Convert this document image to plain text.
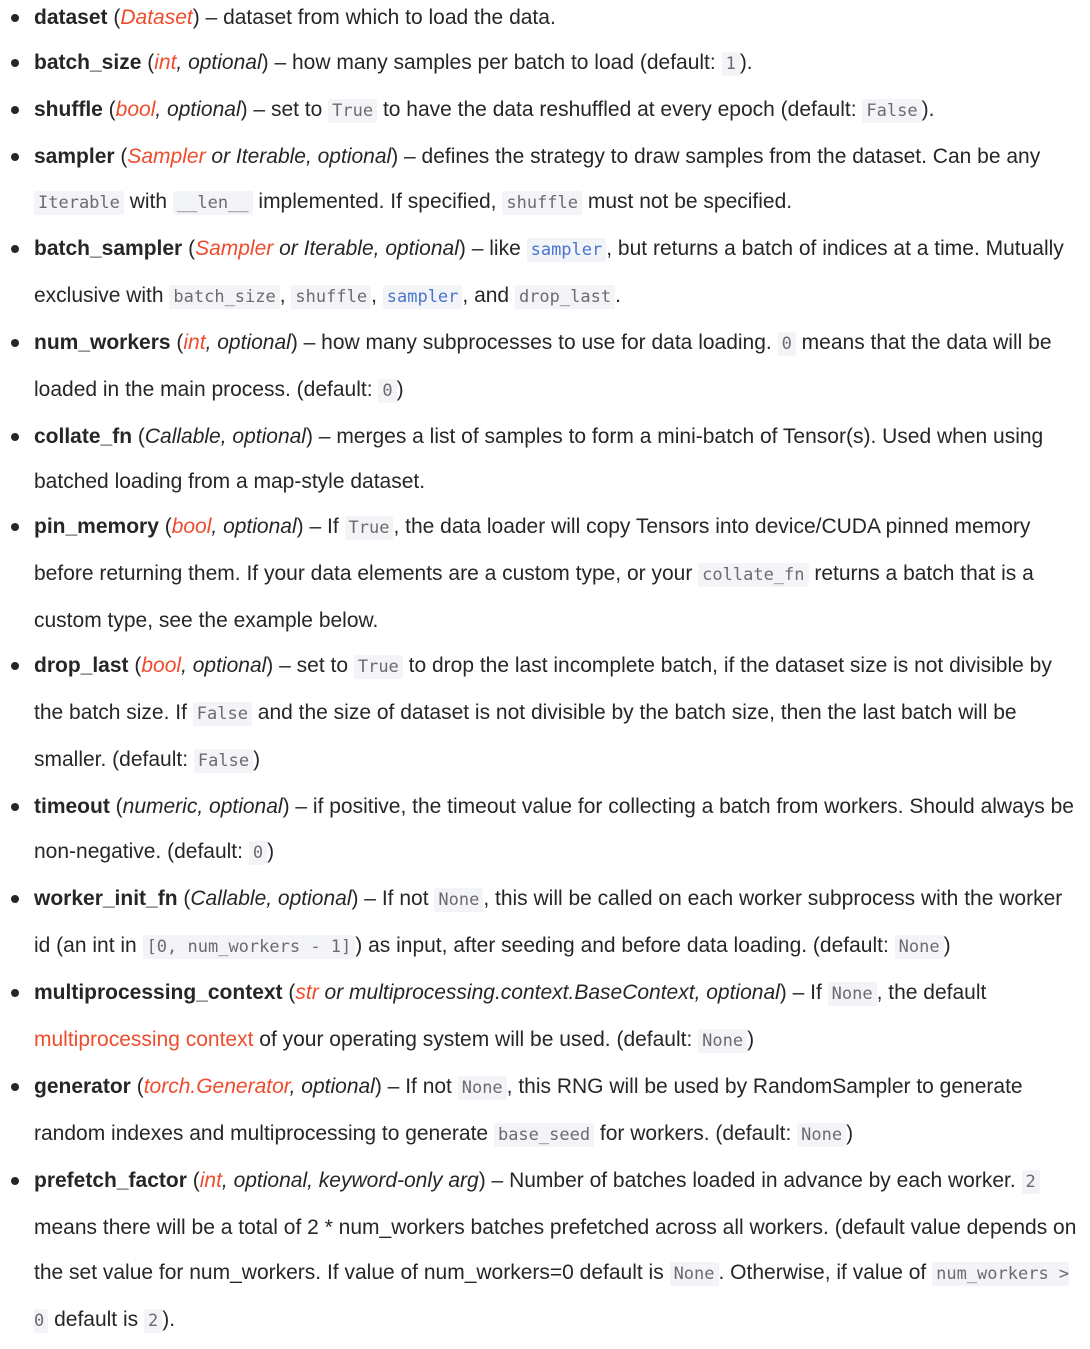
dataset (Dataset) – dataset from which to load the data.
batch_size (int, optional) – how many samples per batch to load (default: 1 ).
shuffle (bool, optional) – set to True to have the data reshuffled at every epoch (default: False ).
sampler (Sampler or Iterable, optional) – defines the strategy to draw samples from the dataset. Can be any Iterable with __len__ implemented. If specified, shuffle must not be specified.
batch_sampler (Sampler or Iterable, optional) – like sampler , but returns a batch of indices at a time. Mutually exclusive with batch_size , shuffle , sampler , and drop_last .
num_workers (int, optional) – how many subprocesses to use for data loading. 0 means that the data will be loaded in the main process. (default: 0 )
collate_fn (Callable, optional) – merges a list of samples to form a mini-batch of Tensor(s). Used when using batched loading from a map-style dataset.
pin_memory (bool, optional) – If True , the data loader will copy Tensors into device/CUDA pinned memory before returning them. If your data elements are a custom type, or your collate_fn returns a batch that is a custom type, see the example below.
drop_last (bool, optional) – set to True to drop the last incomplete batch, if the dataset size is not divisible by the batch size. If False and the size of dataset is not divisible by the batch size, then the last batch will be smaller. (default: False )
timeout (numeric, optional) – if positive, the timeout value for collecting a batch from workers. Should always be non-negative. (default: 0 )
worker_init_fn (Callable, optional) – If not None , this will be called on each worker subprocess with the worker id (an int in [0, num_workers - 1] ) as input, after seeding and before data loading. (default: None )
multiprocessing_context (str or multiprocessing.context.BaseContext, optional) – If None , the default multiprocessing context of your operating system will be used. (default: None )
generator (torch.Generator, optional) – If not None , this RNG will be used by RandomSampler to generate random indexes and multiprocessing to generate base_seed for workers. (default: None )
prefetch_factor (int, optional, keyword-only arg) – Number of batches loaded in advance by each worker. 2 means there will be a total of 2 * num_workers batches prefetched across all workers. (default value depends on the set value for num_workers. If value of num_workers=0 default is None . Otherwise, if value of num_workers > 0 default is 2 ).
